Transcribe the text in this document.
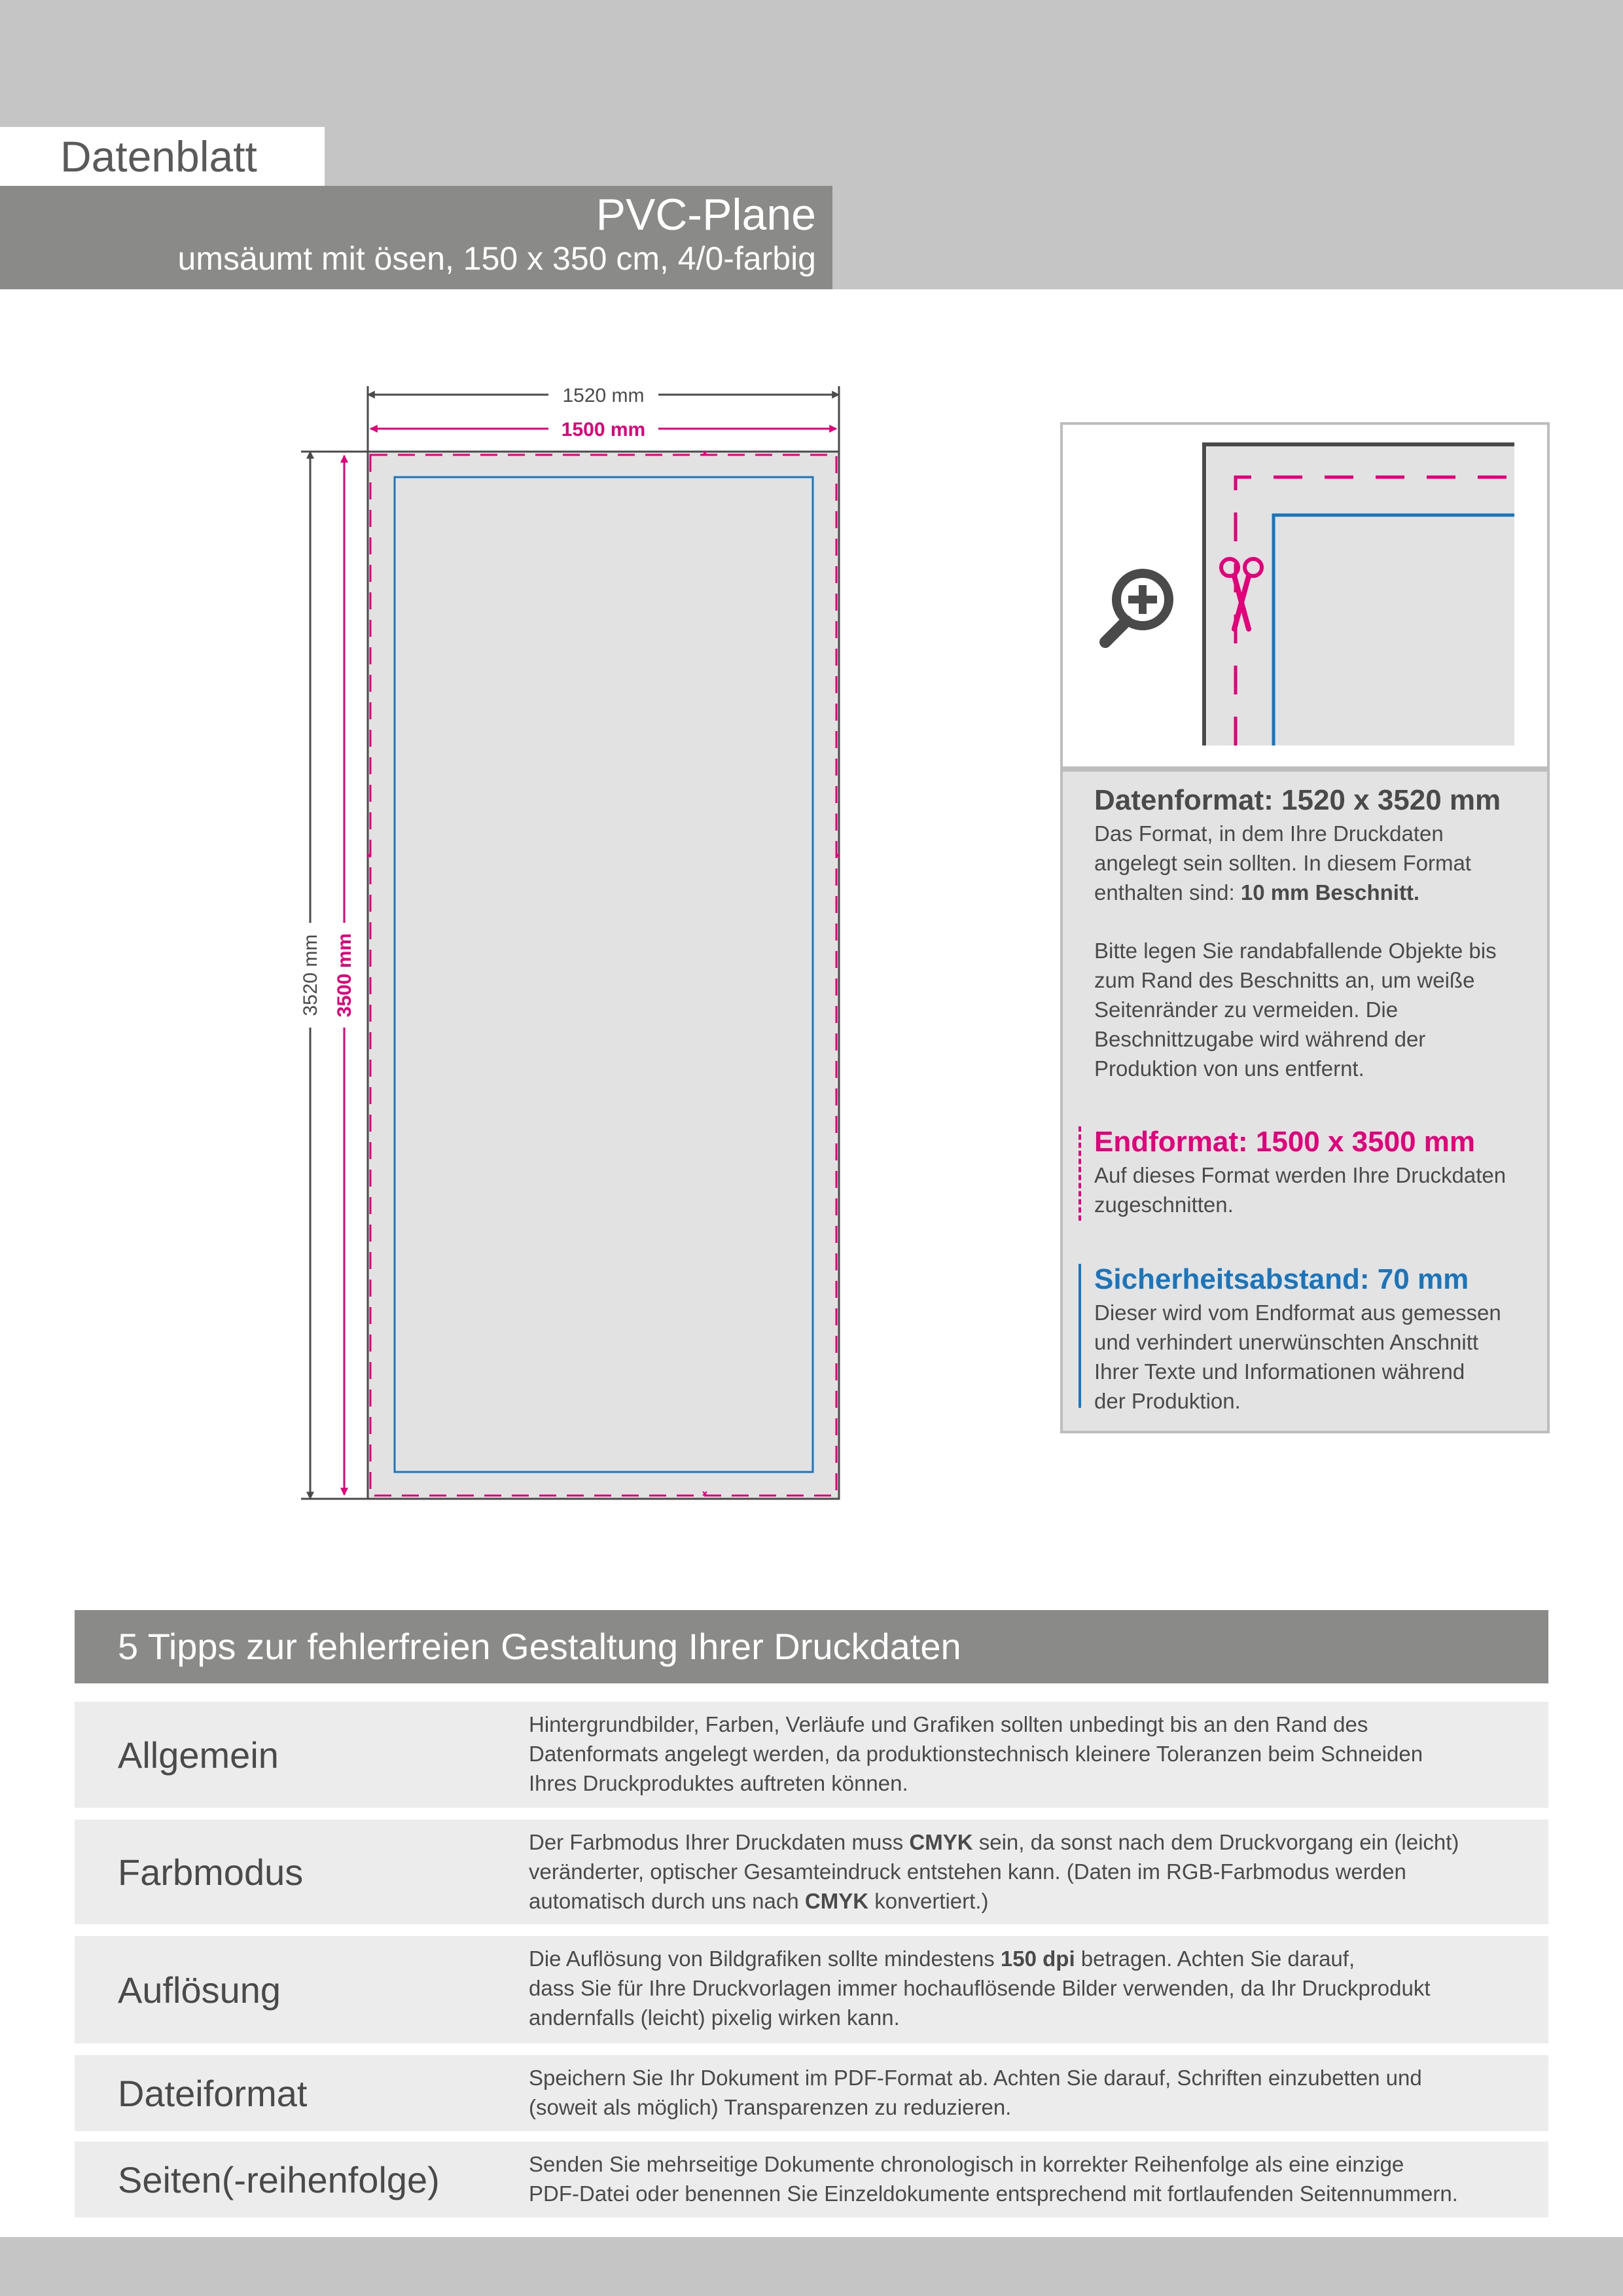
Datenblatt
PVC-Plane
umsäumt mit ösen, 150 x 350 cm, 4/0-farbig
1520 mm
1500 mm
3520 mm 3500 mm
Datenformat: 1520 x 3520 mm
Das Format, in dem Ihre Druckdaten
angelegt sein sollten. In diesem Format
enthalten sind: 10 mm Beschnitt.
Bitte legen Sie randabfallende Objekte bis
zum Rand des Beschnitts an, um weiße
Seitenränder zu vermeiden. Die
Beschnittzugabe wird während der
Produktion von uns entfernt.
Endformat: 1500 x 3500 mm
Auf dieses Format werden Ihre Druckdaten
zugeschnitten.
Sicherheitsabstand: 70 mm
Dieser wird vom Endformat aus gemessen
und verhindert unerwünschten Anschnitt
Ihrer Texte und Informationen während
der Produktion.
5 Tipps zur fehlerfreien Gestaltung Ihrer Druckdaten
Allgemein
Hintergrundbilder, Farben, Verläufe und Grafiken sollten unbedingt bis an den Rand des
Datenformats angelegt werden, da produktionstechnisch kleinere Toleranzen beim Schneiden
Ihres Druckproduktes auftreten können.
Farbmodus
Der Farbmodus Ihrer Druckdaten muss CMYK sein, da sonst nach dem Druckvorgang ein (leicht)
veränderter, optischer Gesamteindruck entstehen kann. (Daten im RGB-Farbmodus werden
automatisch durch uns nach CMYK konvertiert.)
Auflösung
Die Auflösung von Bildgrafiken sollte mindestens 150 dpi betragen. Achten Sie darauf,
dass Sie für Ihre Druckvorlagen immer hochauflösende Bilder verwenden, da Ihr Druckprodukt
andernfalls (leicht) pixelig wirken kann.
Dateiformat	Speichern Sie Ihr Dokument im PDF-Format ab. Achten Sie darauf, Schriften einzubetten und
(soweit als möglich) Transparenzen zu reduzieren.
Seiten(-reihenfolge)	Senden Sie mehrseitige Dokumente chronologisch in korrekter Reihenfolge als eine einzige
PDF-Datei oder benennen Sie Einzeldokumente entsprechend mit fortlaufenden Seitennummern.
